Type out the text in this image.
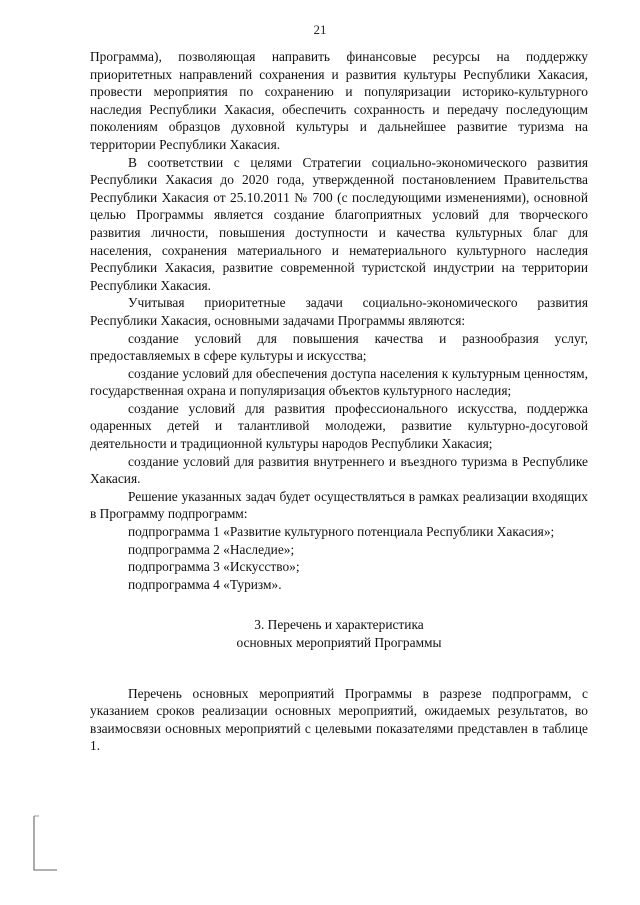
21

Программа), позволяющая направить финансовые ресурсы на поддержку приоритетных направлений сохранения и развития культуры Республики Хакасия, провести мероприятия по сохранению и популяризации историко-культурного наследия Республики Хакасия, обеспечить сохранность и передачу последующим поколениям образцов духовной культуры и дальнейшее развитие туризма на территории Республики Хакасия.

В соответствии с целями Стратегии социально-экономического развития Республики Хакасия до 2020 года, утвержденной постановлением Правительства Республики Хакасия от 25.10.2011 № 700 (с последующими изменениями), основной целью Программы является создание благоприятных условий для творческого развития личности, повышения доступности и качества культурных благ для населения, сохранения материального и нематериального культурного наследия Республики Хакасия, развитие современной туристской индустрии на территории Республики Хакасия.

Учитывая приоритетные задачи социально-экономического развития Республики Хакасия, основными задачами Программы являются:

создание условий для повышения качества и разнообразия услуг, предоставляемых в сфере культуры и искусства;

создание условий для обеспечения доступа населения к культурным ценностям, государственная охрана и популяризация объектов культурного наследия;

создание условий для развития профессионального искусства, поддержка одаренных детей и талантливой молодежи, развитие культурно-досуговой деятельности и традиционной культуры народов Республики Хакасия;

создание условий для развития внутреннего и въездного туризма в Республике Хакасия.

Решение указанных задач будет осуществляться в рамках реализации входящих в Программу подпрограмм:

подпрограмма 1 «Развитие культурного потенциала Республики Хакасия»;

подпрограмма 2 «Наследие»;

подпрограмма 3 «Искусство»;

подпрограмма 4 «Туризм».

3. Перечень и характеристика
основных мероприятий Программы

Перечень основных мероприятий Программы в разрезе подпрограмм, с указанием сроков реализации основных мероприятий, ожидаемых результатов, во взаимосвязи основных мероприятий с целевыми показателями представлен в таблице 1.
